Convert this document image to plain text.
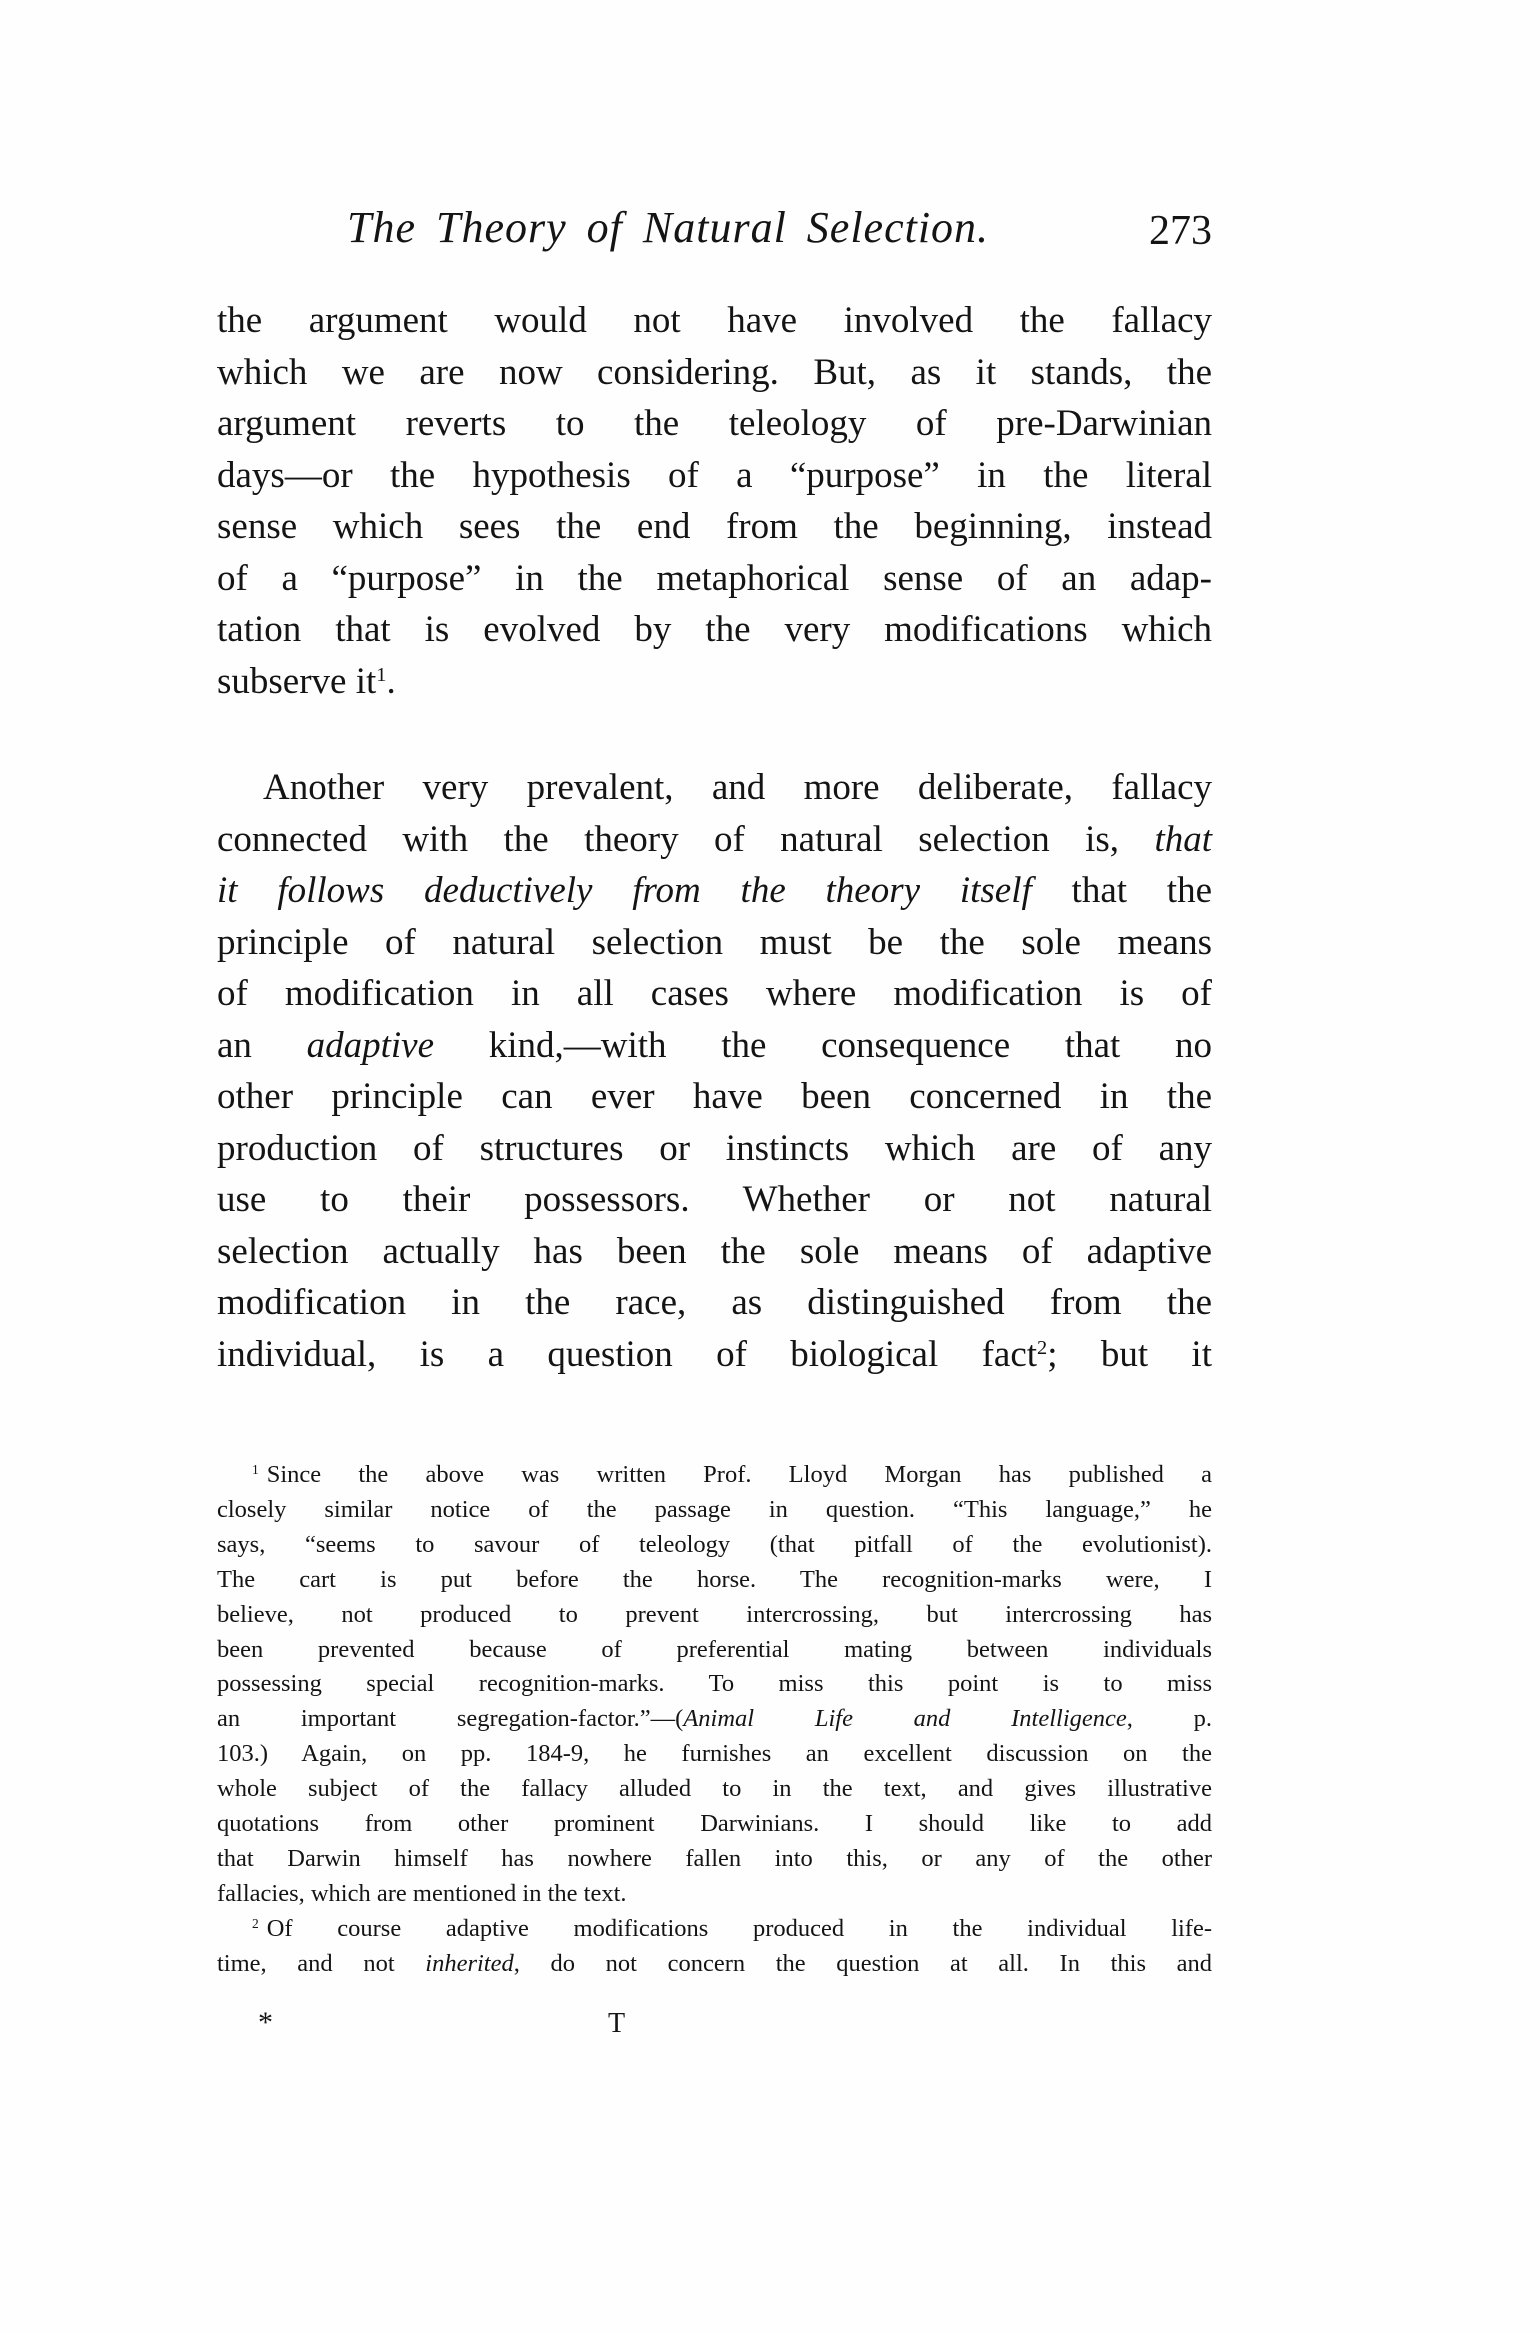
The Theory of Natural Selection.	273
the argument would not have involved the fallacy
which we are now considering. But, as it stands, the
argument reverts to the teleology of pre-Darwinian
days—or the hypothesis of a “purpose” in the literal
sense which sees the end from the beginning, instead
of a “purpose” in the metaphorical sense of an adap-
tation that is evolved by the very modifications which
subserve $it^1$.
Another very prevalent, and more deliberate, fallacy
connected with the theory of natural selection is, that
it follows deductively from the theory itself that the
principle of natural selection must be the sole means
of modification in all cases where modification is of
an adaptive kind,—with the consequence that no
other principle can ever have been concerned in the
production of structures or instincts which are of any
use to their possessors. Whether or not natural
selection actually has been the sole means of adaptive
modification in the race, as distinguished from the
individual, is a question of biological fact$^2$; but it
$^1$ Since the above was written Prof. Lloyd Morgan has published a
closely similar notice of the passage in question. “This language,” he
says, “seems to savour of teleology (that pitfall of the evolutionist).
The cart is put before the horse. The recognition-marks were, I
believe, not produced to prevent intercrossing, but intercrossing has
been prevented because of preferential mating between individuals
possessing special recognition-marks. To miss this point is to miss
an important segregation-factor.”—(Animal Life and Intelligence, p.
103.) Again, on pp. 184-9, he furnishes an excellent discussion on the
whole subject of the fallacy alluded to in the text, and gives illustrative
quotations from other prominent Darwinians. I should like to add
that Darwin himself has nowhere fallen into this, or any of the other
fallacies, which are mentioned in the text.
$^2$ Of course adaptive modifications produced in the individual life-
time, and not inherited, do not concern the question at all. In this and
*	T
